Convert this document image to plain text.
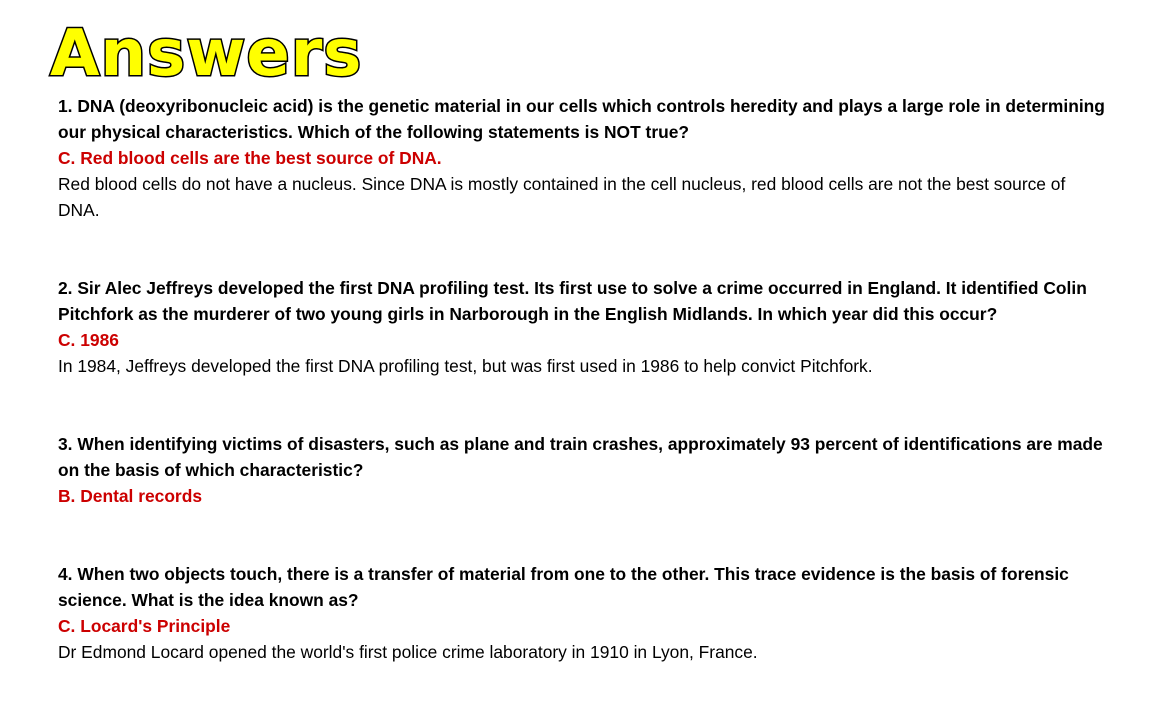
Answers

1. DNA (deoxyribonucleic acid) is the genetic material in our cells which controls heredity and plays a large role in determining our physical characteristics. Which of the following statements is NOT true?

C. Red blood cells are the best source of DNA.

Red blood cells do not have a nucleus. Since DNA is mostly contained in the cell nucleus, red blood cells are not the best source of DNA.

2. Sir Alec Jeffreys developed the first DNA profiling test. Its first use to solve a crime occurred in England. It identified Colin Pitchfork as the murderer of two young girls in Narborough in the English Midlands. In which year did this occur?

C. 1986

In 1984, Jeffreys developed the first DNA profiling test, but was first used in 1986 to help convict Pitchfork.

3. When identifying victims of disasters, such as plane and train crashes, approximately 93 percent of identifications are made on the basis of which characteristic?

B. Dental records

4. When two objects touch, there is a transfer of material from one to the other. This trace evidence is the basis of forensic science. What is the idea known as?

C. Locard's Principle

Dr Edmond Locard opened the world's first police crime laboratory in 1910 in Lyon, France.
